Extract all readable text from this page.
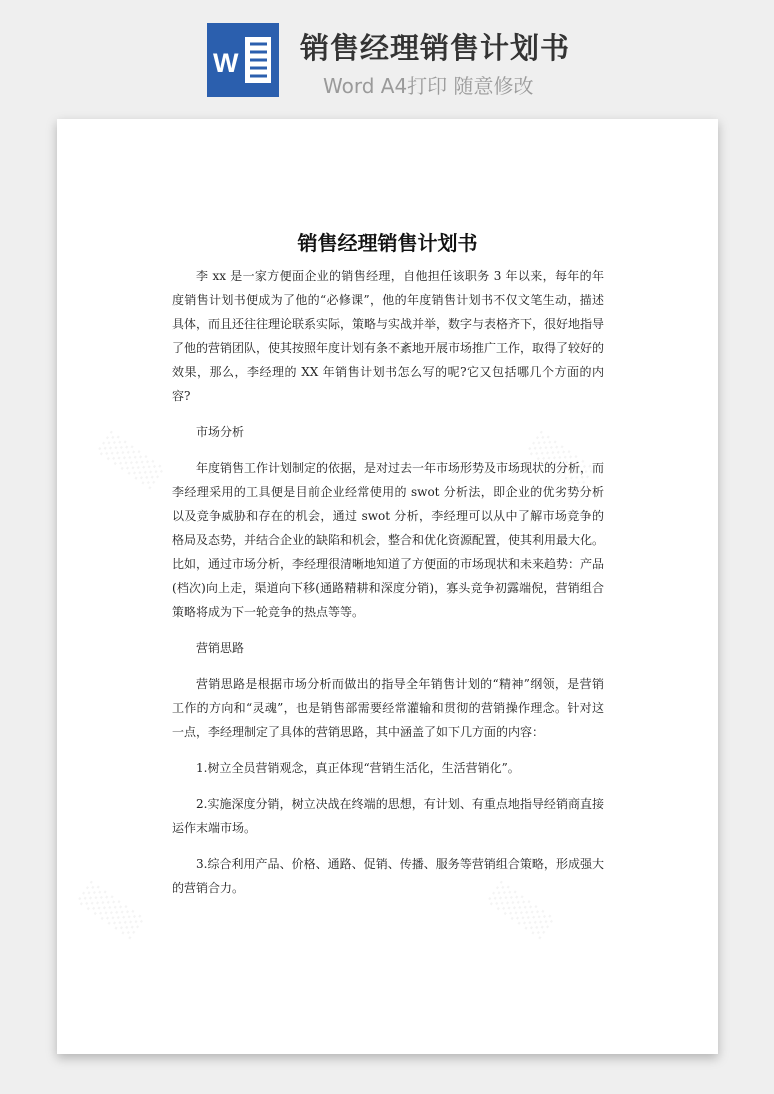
W 销售经理销售计划书
Word A4打印 随意修改
░░░░	░░░░
░░░░	░░░░
销售经理销售计划书

李 xx 是一家方便面企业的销售经理，自他担任该职务 3 年以来，每年的年度销售计划书便成为了他的“必修课”，他的年度销售计划书不仅文笔生动，描述具体，而且还往往理论联系实际，策略与实战并举，数字与表格齐下，很好地指导了他的营销团队，使其按照年度计划有条不紊地开展市场推广工作，取得了较好的效果，那么，李经理的 XX 年销售计划书怎么写的呢?它又包括哪几个方面的内容?

市场分析

年度销售工作计划制定的依据，是对过去一年市场形势及市场现状的分析，而李经理采用的工具便是目前企业经常使用的 swot 分析法，即企业的优劣势分析以及竞争威胁和存在的机会，通过 swot 分析，李经理可以从中了解市场竞争的格局及态势，并结合企业的缺陷和机会，整合和优化资源配置，使其利用最大化。比如，通过市场分析，李经理很清晰地知道了方便面的市场现状和未来趋势：产品(档次)向上走，渠道向下移(通路精耕和深度分销)，寡头竞争初露端倪，营销组合策略将成为下一轮竞争的热点等等。

营销思路

营销思路是根据市场分析而做出的指导全年销售计划的“精神”纲领，是营销工作的方向和“灵魂”，也是销售部需要经常灌输和贯彻的营销操作理念。针对这一点，李经理制定了具体的营销思路，其中涵盖了如下几方面的内容：

1.树立全员营销观念，真正体现“营销生活化，生活营销化”。

2.实施深度分销，树立决战在终端的思想，有计划、有重点地指导经销商直接运作末端市场。

3.综合利用产品、价格、通路、促销、传播、服务等营销组合策略，形成强大的营销合力。
